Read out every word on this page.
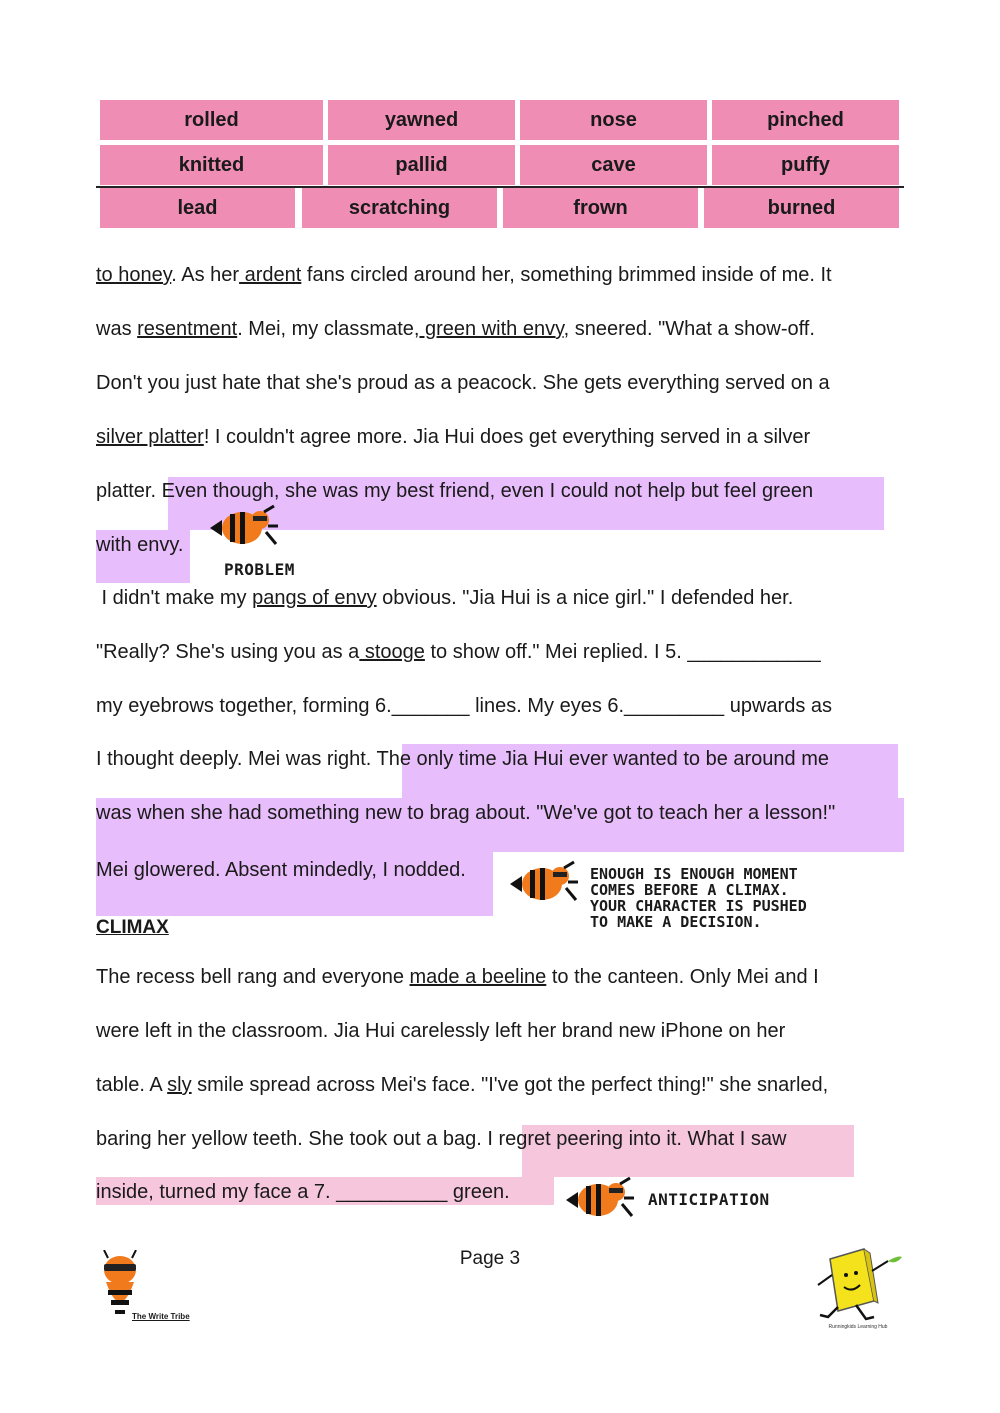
rolled	yawned	nose	pinched
knitted	pallid	cave	puffy
lead	scratching	frown	burned
to honey. As her ardent fans circled around her, something brimmed inside of me. It
was resentment. Mei, my classmate, green with envy, sneered. "What a show-off.
Don't you just hate that she's proud as a peacock. She gets everything served on a
silver platter! I couldn't agree more. Jia Hui does get everything served in a silver
platter. Even though, she was my best friend, even I could not help but feel green
with envy.
I didn't make my pangs of envy obvious. "Jia Hui is a nice girl." I defended her.
"Really? She's using you as a stooge to show off." Mei replied. I 5. ____________
my eyebrows together, forming 6._______ lines. My eyes 6._________ upwards as
I thought deeply. Mei was right. The only time Jia Hui ever wanted to be around me
was when she had something new to brag about. "We've got to teach her a lesson!"
Mei glowered. Absent mindedly, I nodded.
CLIMAX
The recess bell rang and everyone made a beeline to the canteen. Only Mei and I
were left in the classroom. Jia Hui carelessly left her brand new iPhone on her
table. A sly smile spread across Mei's face. "I've got the perfect thing!" she snarled,
baring her yellow teeth. She took out a bag. I regret peering into it. What I saw
inside, turned my face a 7. __________ green.
PROBLEM
ENOUGH IS ENOUGH MOMENT
COMES BEFORE A CLIMAX.
YOUR CHARACTER IS PUSHED
TO MAKE A DECISION.
ANTICIPATION
Page 3
The Write Tribe
Runningkids Learning Hub
